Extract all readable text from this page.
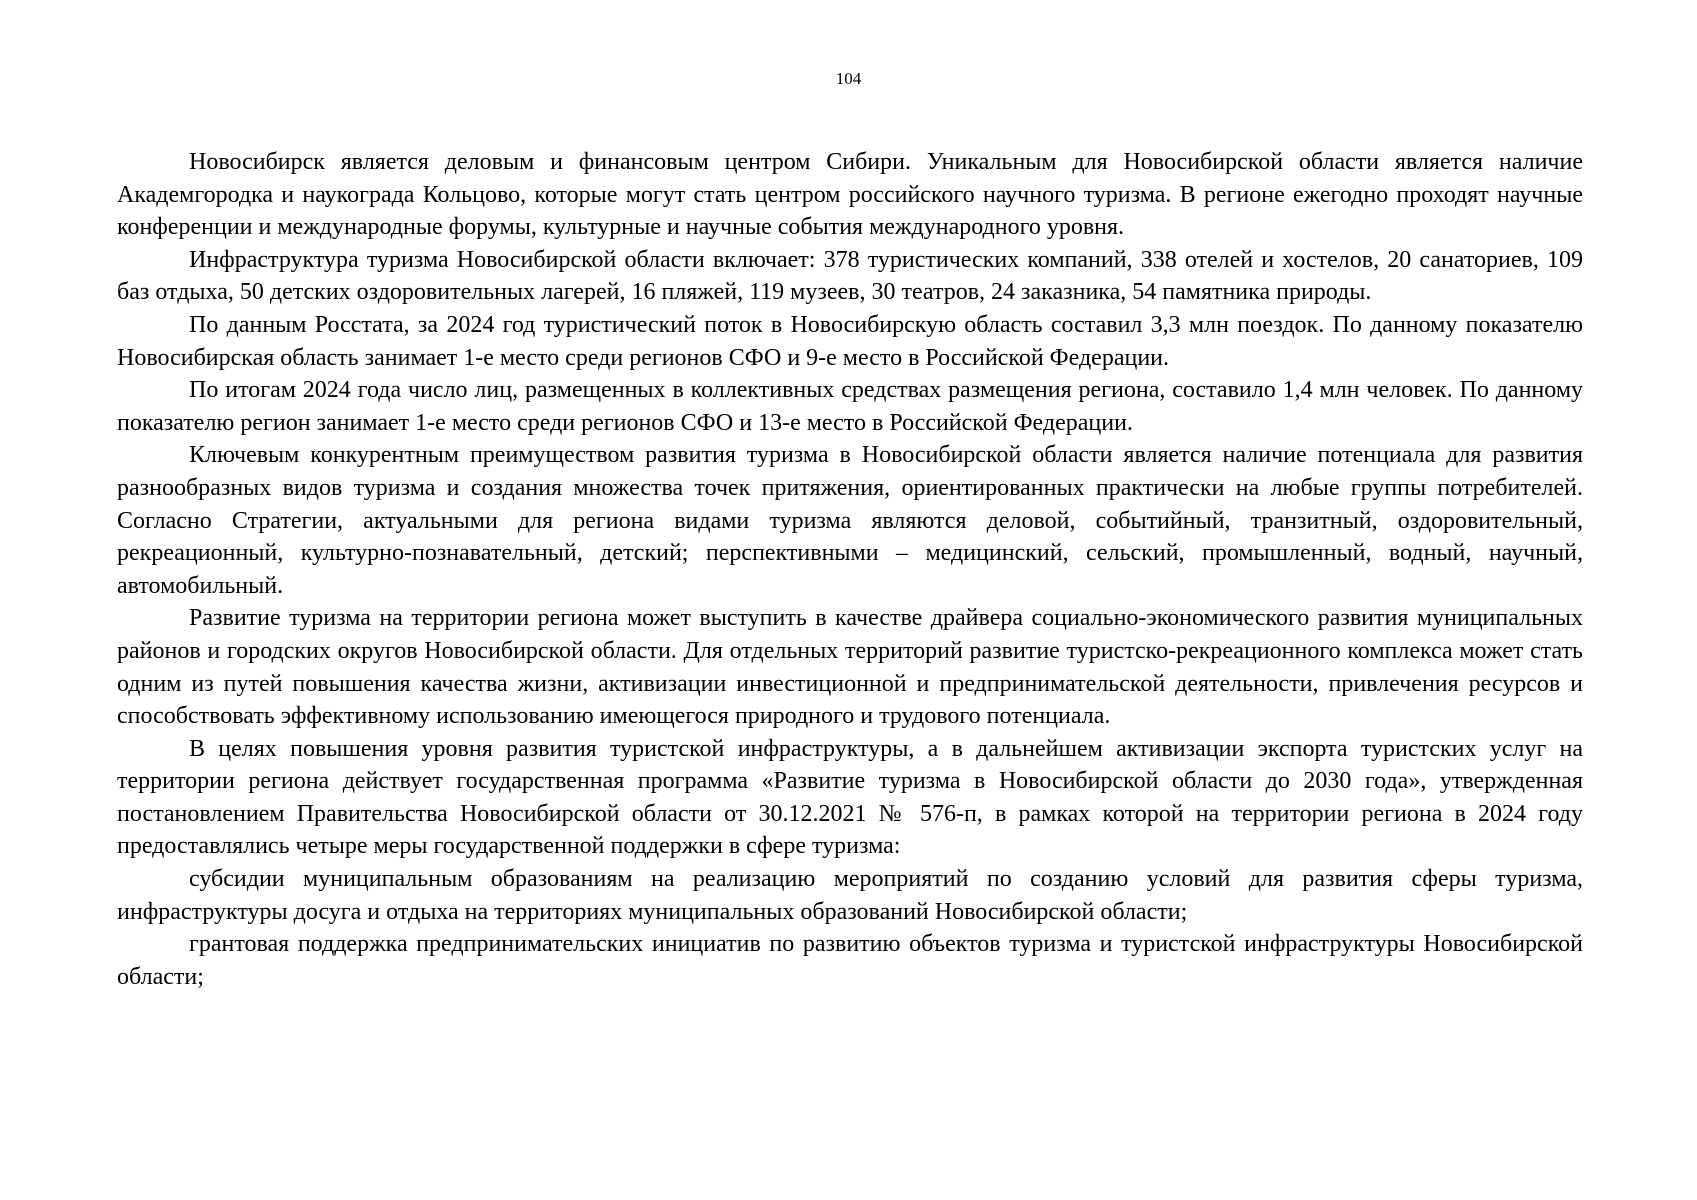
104

Новосибирск является деловым и финансовым центром Сибири. Уникальным для Новосибирской области является наличие Академгородка и наукограда Кольцово, которые могут стать центром российского научного туризма. В регионе ежегодно проходят научные конференции и международные форумы, культурные и научные события международного уровня.

Инфраструктура туризма Новосибирской области включает: 378 туристических компаний, 338 отелей и хостелов, 20 санаториев, 109 баз отдыха, 50 детских оздоровительных лагерей, 16 пляжей, 119 музеев, 30 театров, 24 заказника, 54 памятника природы.

По данным Росстата, за 2024 год туристический поток в Новосибирскую область составил 3,3 млн поездок. По данному показателю Новосибирская область занимает 1-е место среди регионов СФО и 9-е место в Российской Федерации.

По итогам 2024 года число лиц, размещенных в коллективных средствах размещения региона, составило 1,4 млн человек. По данному показателю регион занимает 1-е место среди регионов СФО и 13-е место в Российской Федерации.

Ключевым конкурентным преимуществом развития туризма в Новосибирской области является наличие потенциала для развития разнообразных видов туризма и создания множества точек притяжения, ориентированных практически на любые группы потребителей. Согласно Стратегии, актуальными для региона видами туризма являются деловой, событийный, транзитный, оздоровительный, рекреационный, культурно-познавательный, детский; перспективными – медицинский, сельский, промышленный, водный, научный, автомобильный.

Развитие туризма на территории региона может выступить в качестве драйвера социально-экономического развития муниципальных районов и городских округов Новосибирской области. Для отдельных территорий развитие туристско-рекреационного комплекса может стать одним из путей повышения качества жизни, активизации инвестиционной и предпринимательской деятельности, привлечения ресурсов и способствовать эффективному использованию имеющегося природного и трудового потенциала.

В целях повышения уровня развития туристской инфраструктуры, а в дальнейшем активизации экспорта туристских услуг на территории региона действует государственная программа «Развитие туризма в Новосибирской области до 2030 года», утвержденная постановлением Правительства Новосибирской области от 30.12.2021 № 576-п, в рамках которой на территории региона в 2024 году предоставлялись четыре меры государственной поддержки в сфере туризма:

субсидии муниципальным образованиям на реализацию мероприятий по созданию условий для развития сферы туризма, инфраструктуры досуга и отдыха на территориях муниципальных образований Новосибирской области;

грантовая поддержка предпринимательских инициатив по развитию объектов туризма и туристской инфраструктуры Новосибирской области;
